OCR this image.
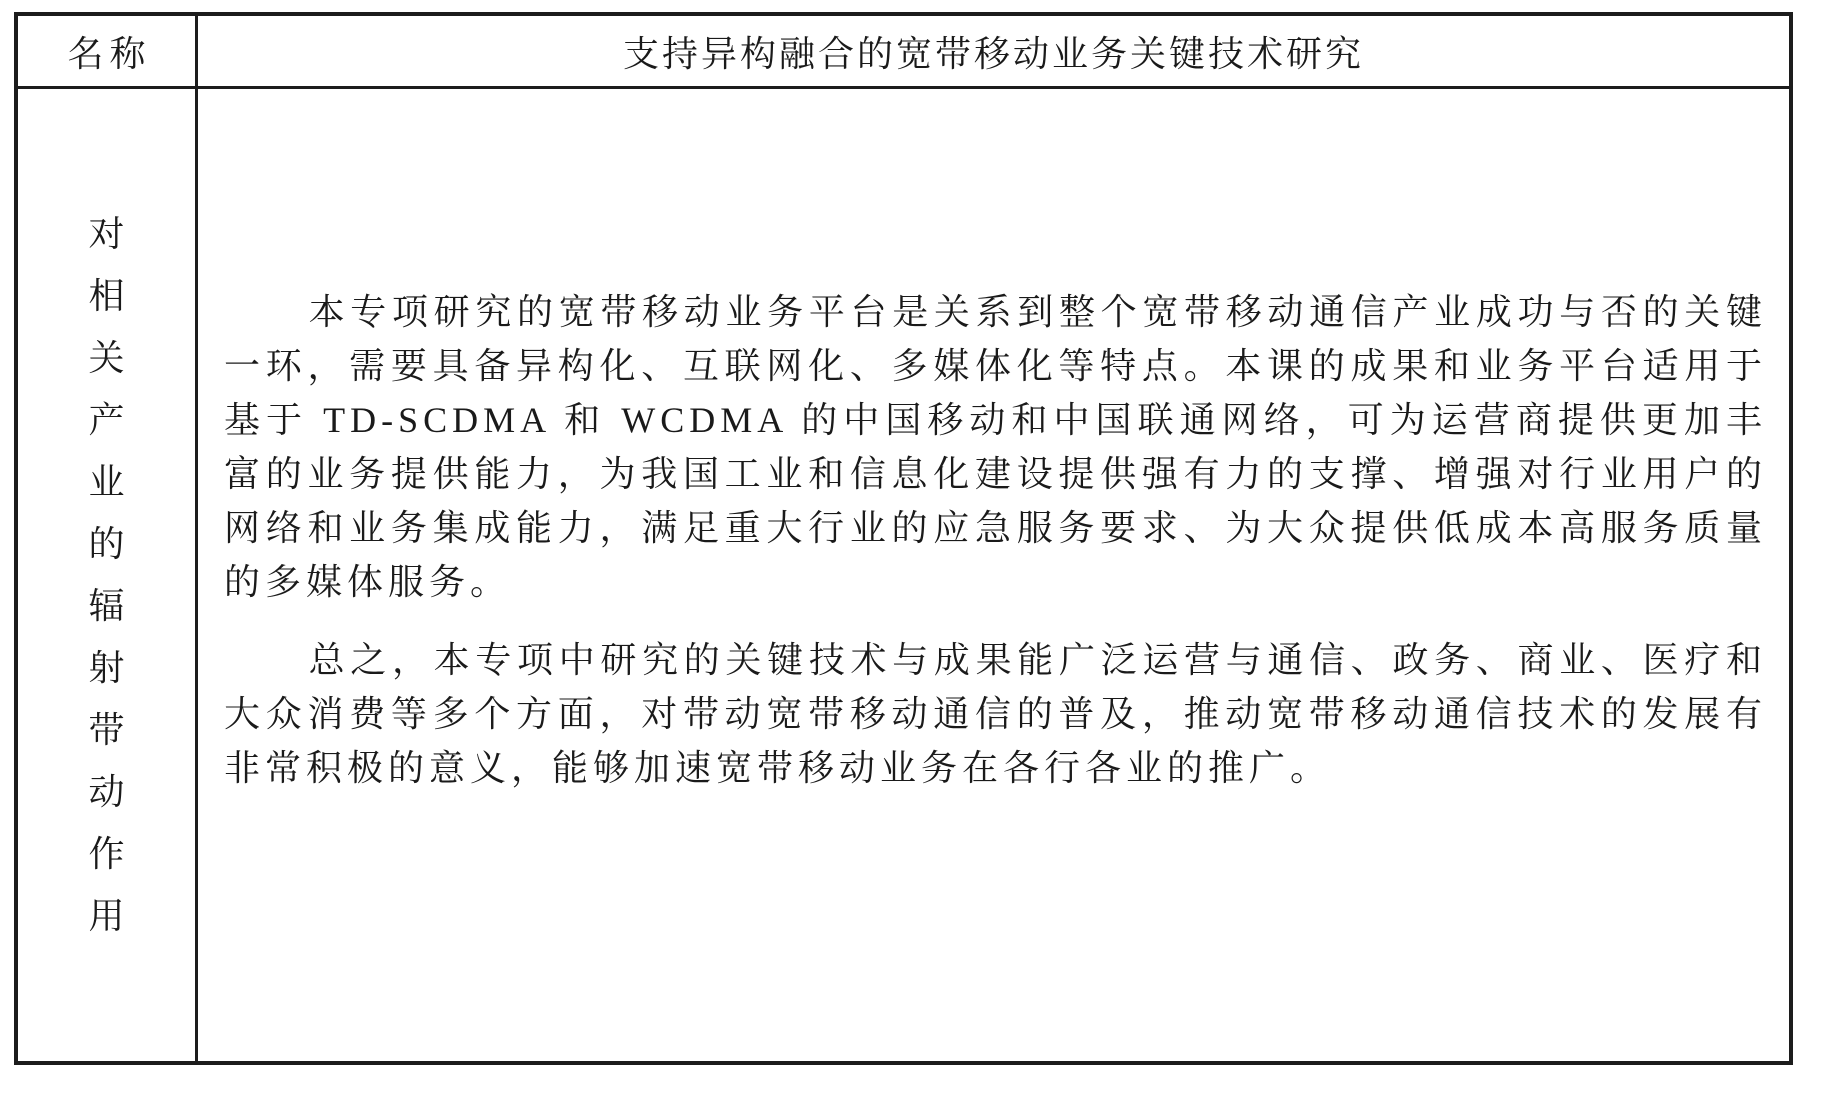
名称	支持异构融合的宽带移动业务关键技术研究
对
相
关
产
业
的
辐
射
带
动
作
用

本专项研究的宽带移动业务平台是关系到整个宽带移动通信产业成功与否的关键一环，需要具备异构化、互联网化、多媒体化等特点。本课的成果和业务平台适用于基于 TD-SCDMA 和 WCDMA 的中国移动和中国联通网络，可为运营商提供更加丰富的业务提供能力，为我国工业和信息化建设提供强有力的支撑、增强对行业用户的网络和业务集成能力，满足重大行业的应急服务要求、为大众提供低成本高服务质量的多媒体服务。

总之，本专项中研究的关键技术与成果能广泛运营与通信、政务、商业、医疗和大众消费等多个方面，对带动宽带移动通信的普及，推动宽带移动通信技术的发展有非常积极的意义，能够加速宽带移动业务在各行各业的推广。
